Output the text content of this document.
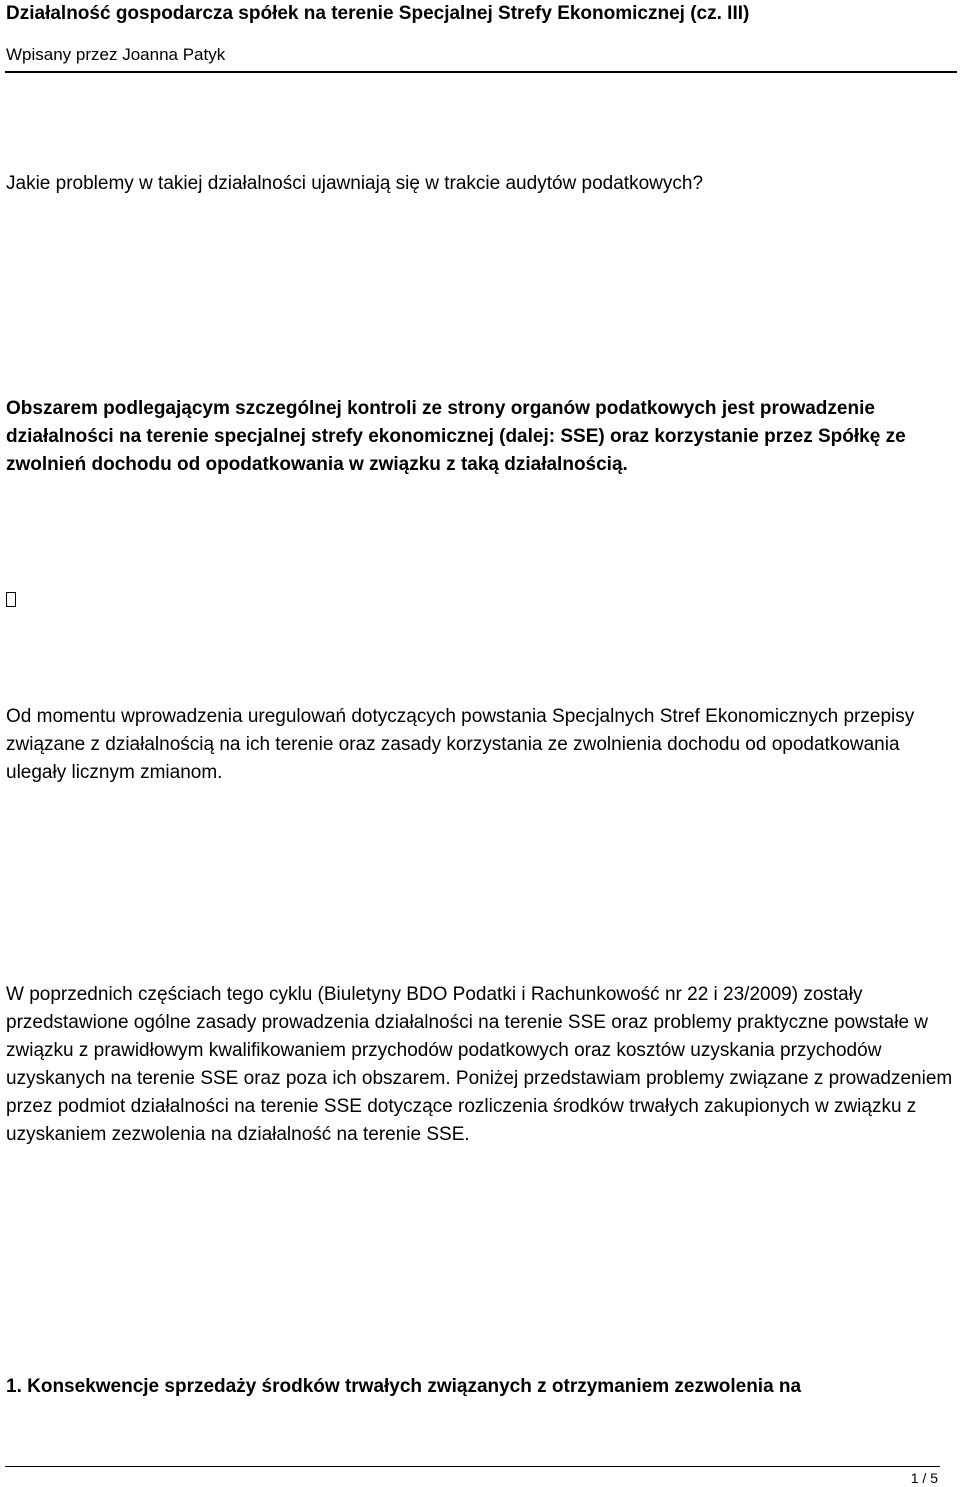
Działalność gospodarcza spółek na terenie Specjalnej Strefy Ekonomicznej (cz. III)
Wpisany przez Joanna Patyk
Jakie problemy w takiej działalności ujawniają się w trakcie audytów podatkowych?
Obszarem podlegającym szczególnej kontroli ze strony organów podatkowych jest prowadzenie działalności na terenie specjalnej strefy ekonomicznej (dalej: SSE) oraz korzystanie przez Spółkę ze zwolnień dochodu od opodatkowania w związku z taką działalnością.
Od momentu wprowadzenia uregulowań dotyczących powstania Specjalnych Stref Ekonomicznych przepisy związane z działalnością na ich terenie oraz zasady korzystania ze zwolnienia dochodu od opodatkowania ulegały licznym zmianom.
W poprzednich częściach tego cyklu (Biuletyny BDO Podatki i Rachunkowość nr 22 i 23/2009) zostały przedstawione ogólne zasady prowadzenia działalności na terenie SSE oraz problemy praktyczne powstałe w związku z prawidłowym kwalifikowaniem przychodów podatkowych oraz kosztów uzyskania przychodów uzyskanych na terenie SSE oraz poza ich obszarem. Poniżej przedstawiam problemy związane z prowadzeniem przez podmiot działalności na terenie SSE dotyczące rozliczenia środków trwałych zakupionych w związku z uzyskaniem zezwolenia na działalność na terenie SSE.
1. Konsekwencje sprzedaży środków trwałych związanych z otrzymaniem zezwolenia na
1 / 5
